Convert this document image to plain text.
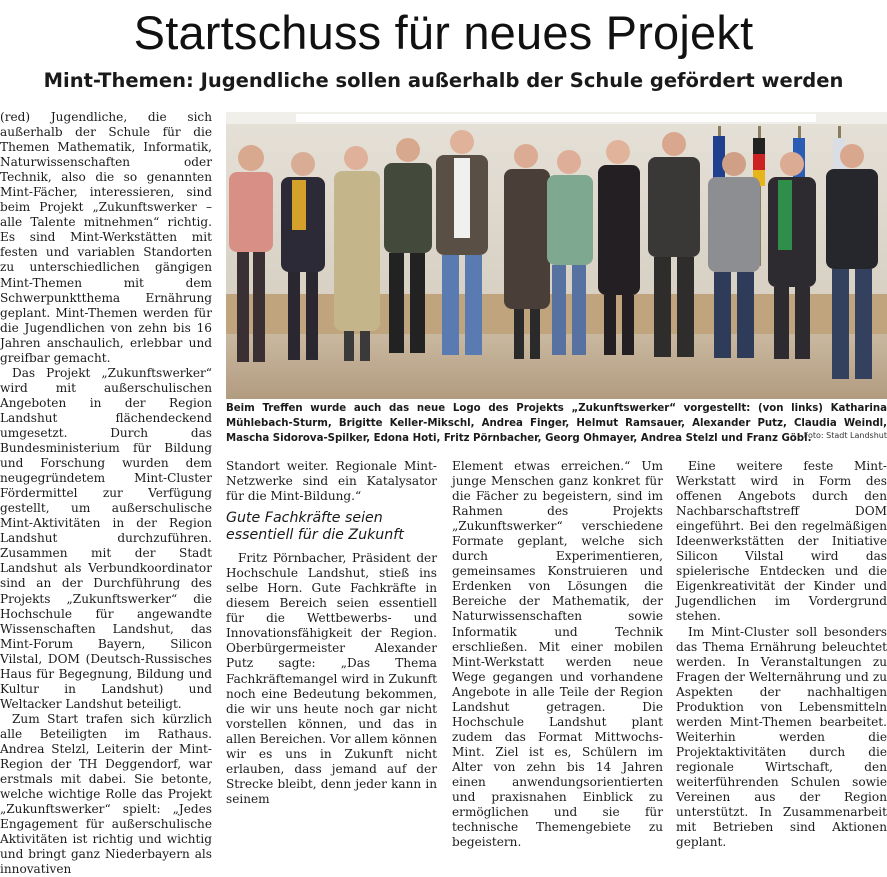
Startschuss für neues Projekt
Mint-Themen: Jugendliche sollen außerhalb der Schule gefördert werden

(red) Jugendliche, die sich außerhalb der Schule für die Themen Mathematik, Informatik, Naturwissenschaften oder Technik, also die so genannten Mint-Fächer, interessieren, sind beim Projekt „Zukunftswerker – alle Talente mitnehmen“ richtig. Es sind Mint-Werkstätten mit festen und variablen Standorten zu unterschiedlichen gängigen Mint-Themen mit dem Schwerpunktthema Ernährung geplant. Mint-Themen werden für die Jugendlichen von zehn bis 16 Jahren anschaulich, erlebbar und greifbar gemacht.

Das Projekt „Zukunftswerker“ wird mit außerschulischen Angeboten in der Region Landshut flächendeckend umgesetzt. Durch das Bundesministerium für Bildung und Forschung wurden dem neugegründetem Mint-Cluster Fördermittel zur Verfügung gestellt, um außerschulische Mint-Aktivitäten in der Region Landshut durchzuführen. Zusammen mit der Stadt Landshut als Verbundkoordinator sind an der Durchführung des Projekts „Zukunftswerker“ die Hochschule für angewandte Wissenschaften Landshut, das Mint-Forum Bayern, Silicon Vilstal, DOM (Deutsch-Russisches Haus für Begegnung, Bildung und Kultur in Landshut) und Weltacker Landshut beteiligt.

Zum Start trafen sich kürzlich alle Beteiligten im Rathaus. Andrea Stelzl, Leiterin der Mint-Region der TH Deggendorf, war erstmals mit dabei. Sie betonte, welche wichtige Rolle das Projekt „Zukunftswerker“ spielt: „Jedes Engagement für außerschulische Aktivitäten ist richtig und wichtig und bringt ganz Niederbayern als innovativen

Beim Treffen wurde auch das neue Logo des Projekts „Zukunftswerker“ vorgestellt: (von links) Katharina Mühlebach-Sturm, Brigitte Keller-Mikschl, Andrea Finger, Helmut Ramsauer, Alexander Putz, Claudia Weindl, Mascha Sidorova-Spilker, Edona Hoti, Fritz Pörnbacher, Georg Ohmayer, Andrea Stelzl und Franz Göbl.
Foto: Stadt Landshut

Standort weiter. Regionale Mint-Netzwerke sind ein Katalysator für die Mint-Bildung.“

Gute Fachkräfte seien essentiell für die Zukunft

Fritz Pörnbacher, Präsident der Hochschule Landshut, stieß ins selbe Horn. Gute Fachkräfte in diesem Bereich seien essentiell für die Wettbewerbs- und Innovationsfähigkeit der Region. Oberbürgermeister Alexander Putz sagte: „Das Thema Fachkräftemangel wird in Zukunft noch eine Bedeutung bekommen, die wir uns heute noch gar nicht vorstellen können, und das in allen Bereichen. Vor allem können wir es uns in Zukunft nicht erlauben, dass jemand auf der Strecke bleibt, denn jeder kann in seinem

Element etwas erreichen.“ Um junge Menschen ganz konkret für die Fächer zu begeistern, sind im Rahmen des Projekts „Zukunftswerker“ verschiedene Formate geplant, welche sich durch Experimentieren, gemeinsames Konstruieren und Erdenken von Lösungen die Bereiche der Mathematik, der Naturwissenschaften sowie Informatik und Technik erschließen. Mit einer mobilen Mint-Werkstatt werden neue Wege gegangen und vorhandene Angebote in alle Teile der Region Landshut getragen. Die Hochschule Landshut plant zudem das Format Mittwochs-Mint. Ziel ist es, Schülern im Alter von zehn bis 14 Jahren einen anwendungsorientierten und praxisnahen Einblick zu ermöglichen und sie für technische Themengebiete zu begeistern.

Eine weitere feste Mint-Werkstatt wird in Form des offenen Angebots durch den Nachbarschaftstreff DOM eingeführt. Bei den regelmäßigen Ideenwerkstätten der Initiative Silicon Vilstal wird das spielerische Entdecken und die Eigenkreativität der Kinder und Jugendlichen im Vordergrund stehen.

Im Mint-Cluster soll besonders das Thema Ernährung beleuchtet werden. In Veranstaltungen zu Fragen der Welternährung und zu Aspekten der nachhaltigen Produktion von Lebensmitteln werden Mint-Themen bearbeitet. Weiterhin werden die Projektaktivitäten durch die regionale Wirtschaft, den weiterführenden Schulen sowie Vereinen aus der Region unterstützt. In Zusammenarbeit mit Betrieben sind Aktionen geplant.
